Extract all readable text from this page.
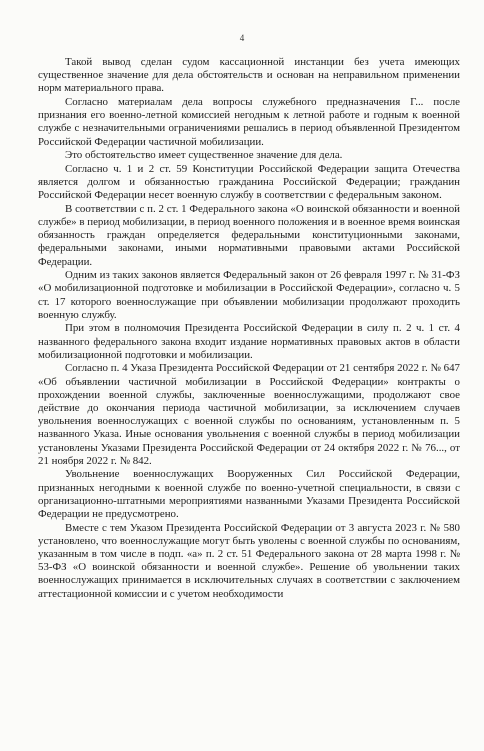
4

Такой вывод сделан судом кассационной инстанции без учета имеющих существенное значение для дела обстоятельств и основан на неправильном применении норм материального права.

Согласно материалам дела вопросы служебного предназначения Г... после признания его военно-летной комиссией негодным к летной работе и годным к военной службе с незначительными ограничениями решались в период объявленной Президентом Российской Федерации частичной мобилизации.

Это обстоятельство имеет существенное значение для дела.

Согласно ч. 1 и 2 ст. 59 Конституции Российской Федерации защита Отечества является долгом и обязанностью гражданина Российской Федерации; гражданин Российской Федерации несет военную службу в соответствии с федеральным законом.

В соответствии с п. 2 ст. 1 Федерального закона «О воинской обязанности и военной службе» в период мобилизации, в период военного положения и в военное время воинская обязанность граждан определяется федеральными конституционными законами, федеральными законами, иными нормативными правовыми актами Российской Федерации.

Одним из таких законов является Федеральный закон от 26 февраля 1997 г. № 31-ФЗ «О мобилизационной подготовке и мобилизации в Российской Федерации», согласно ч. 5 ст. 17 которого военнослужащие при объявлении мобилизации продолжают проходить военную службу.

При этом в полномочия Президента Российской Федерации в силу п. 2 ч. 1 ст. 4 названного федерального закона входит издание нормативных правовых актов в области мобилизационной подготовки и мобилизации.

Согласно п. 4 Указа Президента Российской Федерации от 21 сентября 2022 г. № 647 «Об объявлении частичной мобилизации в Российской Федерации» контракты о прохождении военной службы, заключенные военнослужащими, продолжают свое действие до окончания периода частичной мобилизации, за исключением случаев увольнения военнослужащих с военной службы по основаниям, установленным п. 5 названного Указа. Иные основания увольнения с военной службы в период мобилизации установлены Указами Президента Российской Федерации от 24 октября 2022 г. № 76..., от 21 ноября 2022 г. № 842.

Увольнение военнослужащих Вооруженных Сил Российской Федерации, признанных негодными к военной службе по военно-учетной специальности, в связи с организационно-штатными мероприятиями названными Указами Президента Российской Федерации не предусмотрено.

Вместе с тем Указом Президента Российской Федерации от 3 августа 2023 г. № 580 установлено, что военнослужащие могут быть уволены с военной службы по основаниям, указанным в том числе в подп. «а» п. 2 ст. 51 Федерального закона от 28 марта 1998 г. № 53-ФЗ «О воинской обязанности и военной службе». Решение об увольнении таких военнослужащих принимается в исключительных случаях в соответствии с заключением аттестационной комиссии и с учетом необходимости
